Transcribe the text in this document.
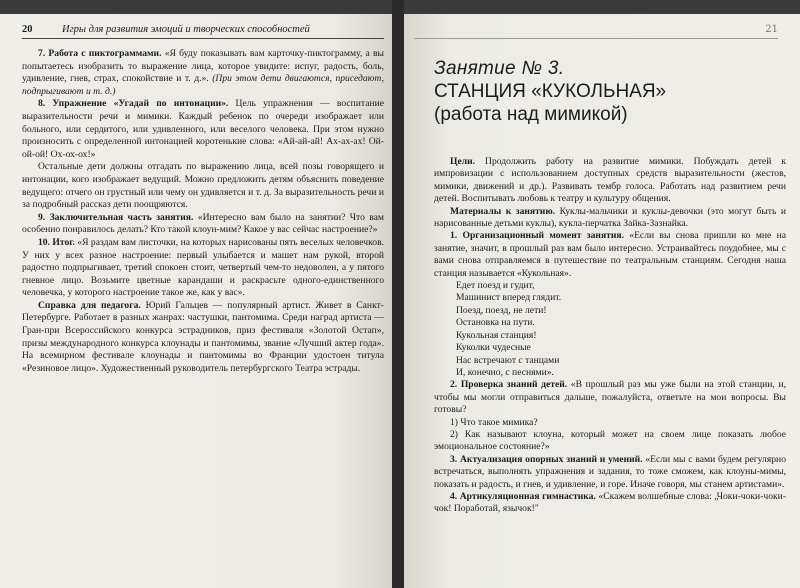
20	Игры для развития эмоций и творческих способностей

7. Работа с пиктограммами. «Я буду показывать вам карточку-пиктограмму, а вы попытаетесь изобразить то выражение лица, которое увидите: испуг, радость, боль, удивление, гнев, страх, спокойствие и т. д.». (При этом дети двигаются, приседают, подпрыгивают и т. д.)

8. Упражнение «Угадай по интонации». Цель упражнения — воспитание выразительности речи и мимики. Каждый ребенок по очереди изображает или больного, или сердитого, или удивленного, или веселого человека. При этом нужно произносить с определенной интонацией коротенькие слова: «Ай-ай-ай! Ах-ах-ах! Ой-ой-ой! Ох-ох-ох!»

Остальные дети должны отгадать по выражению лица, всей позы говорящего и интонации, кого изображает ведущий. Можно предложить детям объяснить поведение ведущего: отчего он грустный или чему он удивляется и т. д. За выразительность речи и за подробный рассказ дети поощряются.

9. Заключительная часть занятия. «Интересно вам было на занятии? Что вам особенно понравилось делать? Кто такой клоун-мим? Какое у вас сейчас настроение?»

10. Итог. «Я раздам вам листочки, на которых нарисованы пять веселых человечков. У них у всех разное настроение: первый улыбается и машет нам рукой, второй радостно подпрыгивает, третий спокоен стоит, четвертый чем-то недоволен, а у пятого гневное лицо. Возьмите цветные карандаши и раскрасьте одного-единственного человечка, у которого настроение такое же, как у вас».

Справка для педагога. Юрий Гальцев — популярный артист. Живет в Санкт-Петербурге. Работает в разных жанрах: частушки, пантомима. Среди наград артиста — Гран-при Всероссийского конкурса эстрадников, приз фестиваля «Золотой Остап», призы международного конкурса клоунады и пантомимы, звание «Лучший актер года». На всемирном фестивале клоунады и пантомимы во Франции удостоен титула «Резиновое лицо». Художественный руководитель петербургского Театра эстрады.

21
Занятие № 3.
СТАНЦИЯ «КУКОЛЬНАЯ»
(работа над мимикой)

Цели. Продолжить работу на развитие мимики. Побуждать детей к импровизации с использованием доступных средств выразительности (жестов, мимики, движений и др.). Развивать тембр голоса. Работать над развитием речи детей. Воспитывать любовь к театру и культуру общения.

Материалы к занятию. Куклы-мальчики и куклы-девочки (это могут быть и нарисованные детьми куклы), кукла-перчатка Зайка-Зазнайка.

1. Организационный момент занятия. «Если вы снова пришли ко мне на занятие, значит, в прошлый раз вам было интересно. Устраивайтесь поудобнее, мы с вами снова отправляемся в путешествие по театральным станциям. Сегодня наша станция называется «Кукольная».

Едет поезд и гудит,

Машинист вперед глядит.

Поезд, поезд, не лети!

Остановка на пути.

Кукольная станция!

Куколки чудесные

Нас встречают с танцами

И, конечно, с песнями».

2. Проверка знаний детей. «В прошлый раз мы уже были на этой станции, и, чтобы мы могли отправиться дальше, пожалуйста, ответьте на мои вопросы. Вы готовы?

1) Что такое мимика?

2) Как называют клоуна, который может на своем лице показать любое эмоциональное состояние?»

3. Актуализация опорных знаний и умений. «Если мы с вами будем регулярно встречаться, выполнять упражнения и задания, то тоже сможем, как клоуны-мимы, показать и радость, и гнев, и удивление, и горе. Иначе говоря, мы станем артистами».

4. Артикуляционная гимнастика. «Скажем волшебные слова: „Чоки-чоки-чоки-чок! Поработай, язычок!"
